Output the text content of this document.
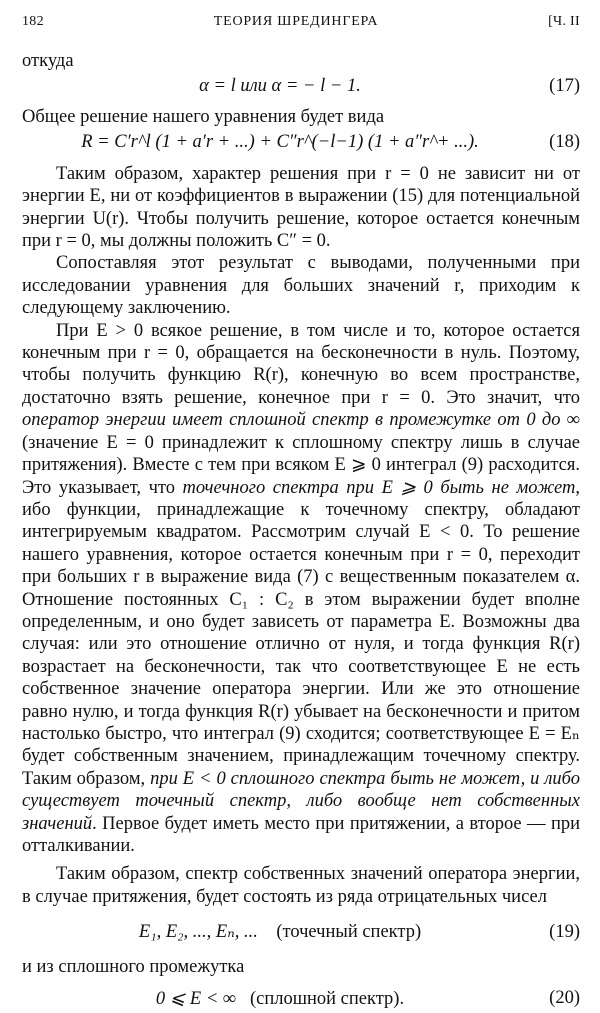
182	ТЕОРИЯ ШРЕДИНГЕРА	[Ч. II

откуда

α = l или α = − l − 1.	(17)

Общее решение нашего уравнения будет вида

R = C′r^l (1 + a′r + ...) + C″r^(−l−1) (1 + a″r^+ ...).	(18)

Таким образом, характер решения при r = 0 не зависит ни от энергии E, ни от коэффициентов в выражении (15) для потенциальной энергии U(r). Чтобы получить решение, которое остается конечным при r = 0, мы должны положить C″ = 0.

Сопоставляя этот результат с выводами, полученными при исследовании уравнения для больших значений r, приходим к следующему заключению.

При E > 0 всякое решение, в том числе и то, которое остается конечным при r = 0, обращается на бесконечности в нуль. Поэтому, чтобы получить функцию R(r), конечную во всем пространстве, достаточно взять решение, конечное при r = 0. Это значит, что оператор энергии имеет сплошной спектр в промежутке от 0 до ∞ (значение E = 0 принадлежит к сплошному спектру лишь в случае притяжения). Вместе с тем при всяком E ⩾ 0 интеграл (9) расходится. Это указывает, что точечного спектра при E ⩾ 0 быть не может, ибо функции, принадлежащие к точечному спектру, обладают интегрируемым квадратом. Рассмотрим случай E < 0. То решение нашего уравнения, которое остается конечным при r = 0, переходит при больших r в выражение вида (7) с вещественным показателем α. Отношение постоянных C₁ : C₂ в этом выражении будет вполне определенным, и оно будет зависеть от параметра E. Возможны два случая: или это отношение отлично от нуля, и тогда функция R(r) возрастает на бесконечности, так что соответствующее E не есть собственное значение оператора энергии. Или же это отношение равно нулю, и тогда функция R(r) убывает на бесконечности и притом настолько быстро, что интеграл (9) сходится; соответствующее E = Eₙ будет собственным значением, принадлежащим точечному спектру. Таким образом, при E < 0 сплошного спектра быть не может, и либо существует точечный спектр, либо вообще нет собственных значений. Первое будет иметь место при притяжении, а второе — при отталкивании.

Таким образом, спектр собственных значений оператора энергии, в случае притяжения, будет состоять из ряда отрицательных чисел

E₁, E₂, ..., Eₙ, ... (точечный спектр)	(19)

и из сплошного промежутка

0 ⩽ E < ∞ (сплошной спектр).	(20)
